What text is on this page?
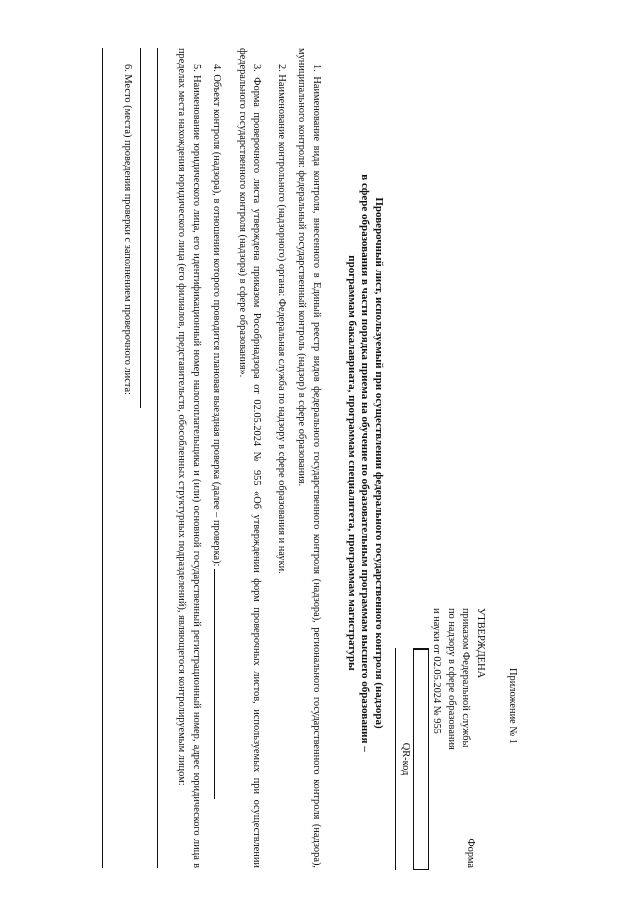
Приложение № 1
УТВЕРЖДЕНА
приказом Федеральной службы
по надзору в сфере образования
и науки от 02.05.2024 № 955
Форма
QR-код
Проверочный лист, используемый при осуществлении федерального государственного контроля (надзора)
в сфере образования в части порядка приема на обучение по образовательным программам высшего образования –
программам бакалавриата, программам специалитета, программам магистратуры

1. Наименование вида контроля, внесенного в Единый реестр видов федерального государственного контроля (надзора), регионального государственного контроля (надзора), муниципального контроля: федеральный государственный контроль (надзор) в сфере образования.

2. Наименование контрольного (надзорного) органа: Федеральная служба по надзору в сфере образования и науки.

3. Форма проверочного листа утверждена приказом Рособрнадзора от 02.05.2024 № 955 «Об утверждении форм проверочных листов, используемых при осуществлении федерального государственного контроля (надзора) в сфере образования».

4. Объект контроля (надзора), в отношении которого проводится плановая выездная проверка (далее – проверка):

5. Наименование юридического лица, его идентификационный номер налогоплательщика и (или) основной государственный регистрационный номер, адрес юридического лица в пределах места нахождения юридического лица (его филиалов, представительств, обособленных структурных подразделений), являющегося контролируемым лицом:

6. Место (места) проведения проверки с заполнением проверочного листа:
